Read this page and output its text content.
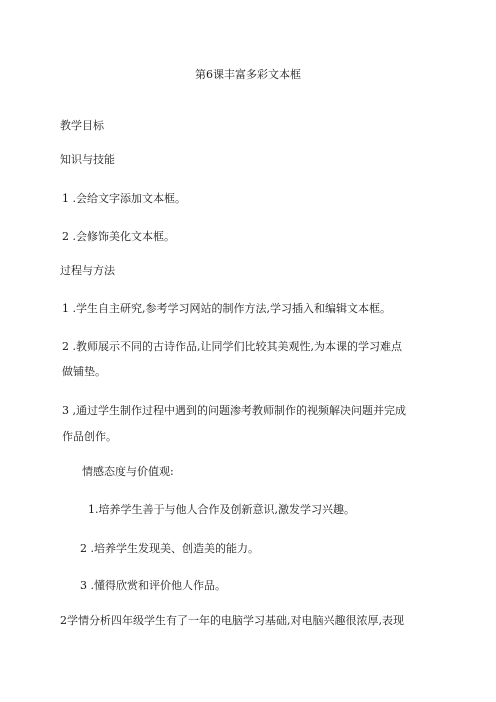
第6课丰富多彩文本框
教学目标
知识与技能
1 .会给文字添加文本框。
2 .会修饰美化文本框。
过程与方法
1 .学生自主研究,参考学习网站的制作方法,学习插入和编辑文本框。
2 .教师展示不同的古诗作品,让同学们比较其美观性,为本课的学习难点
做铺垫。
3 ,通过学生制作过程中遇到的问题渗考教师制作的视频解决问题并完成
作品创作。
情感态度与价值观:
1.培养学生善于与他人合作及创新意识,激发学习兴趣。
2 .培养学生发现美、创造美的能力。
3 .懂得欣赏和评价他人作品。
2学情分析四年级学生有了一年的电脑学习基础,对电脑兴趣很浓厚,表现
